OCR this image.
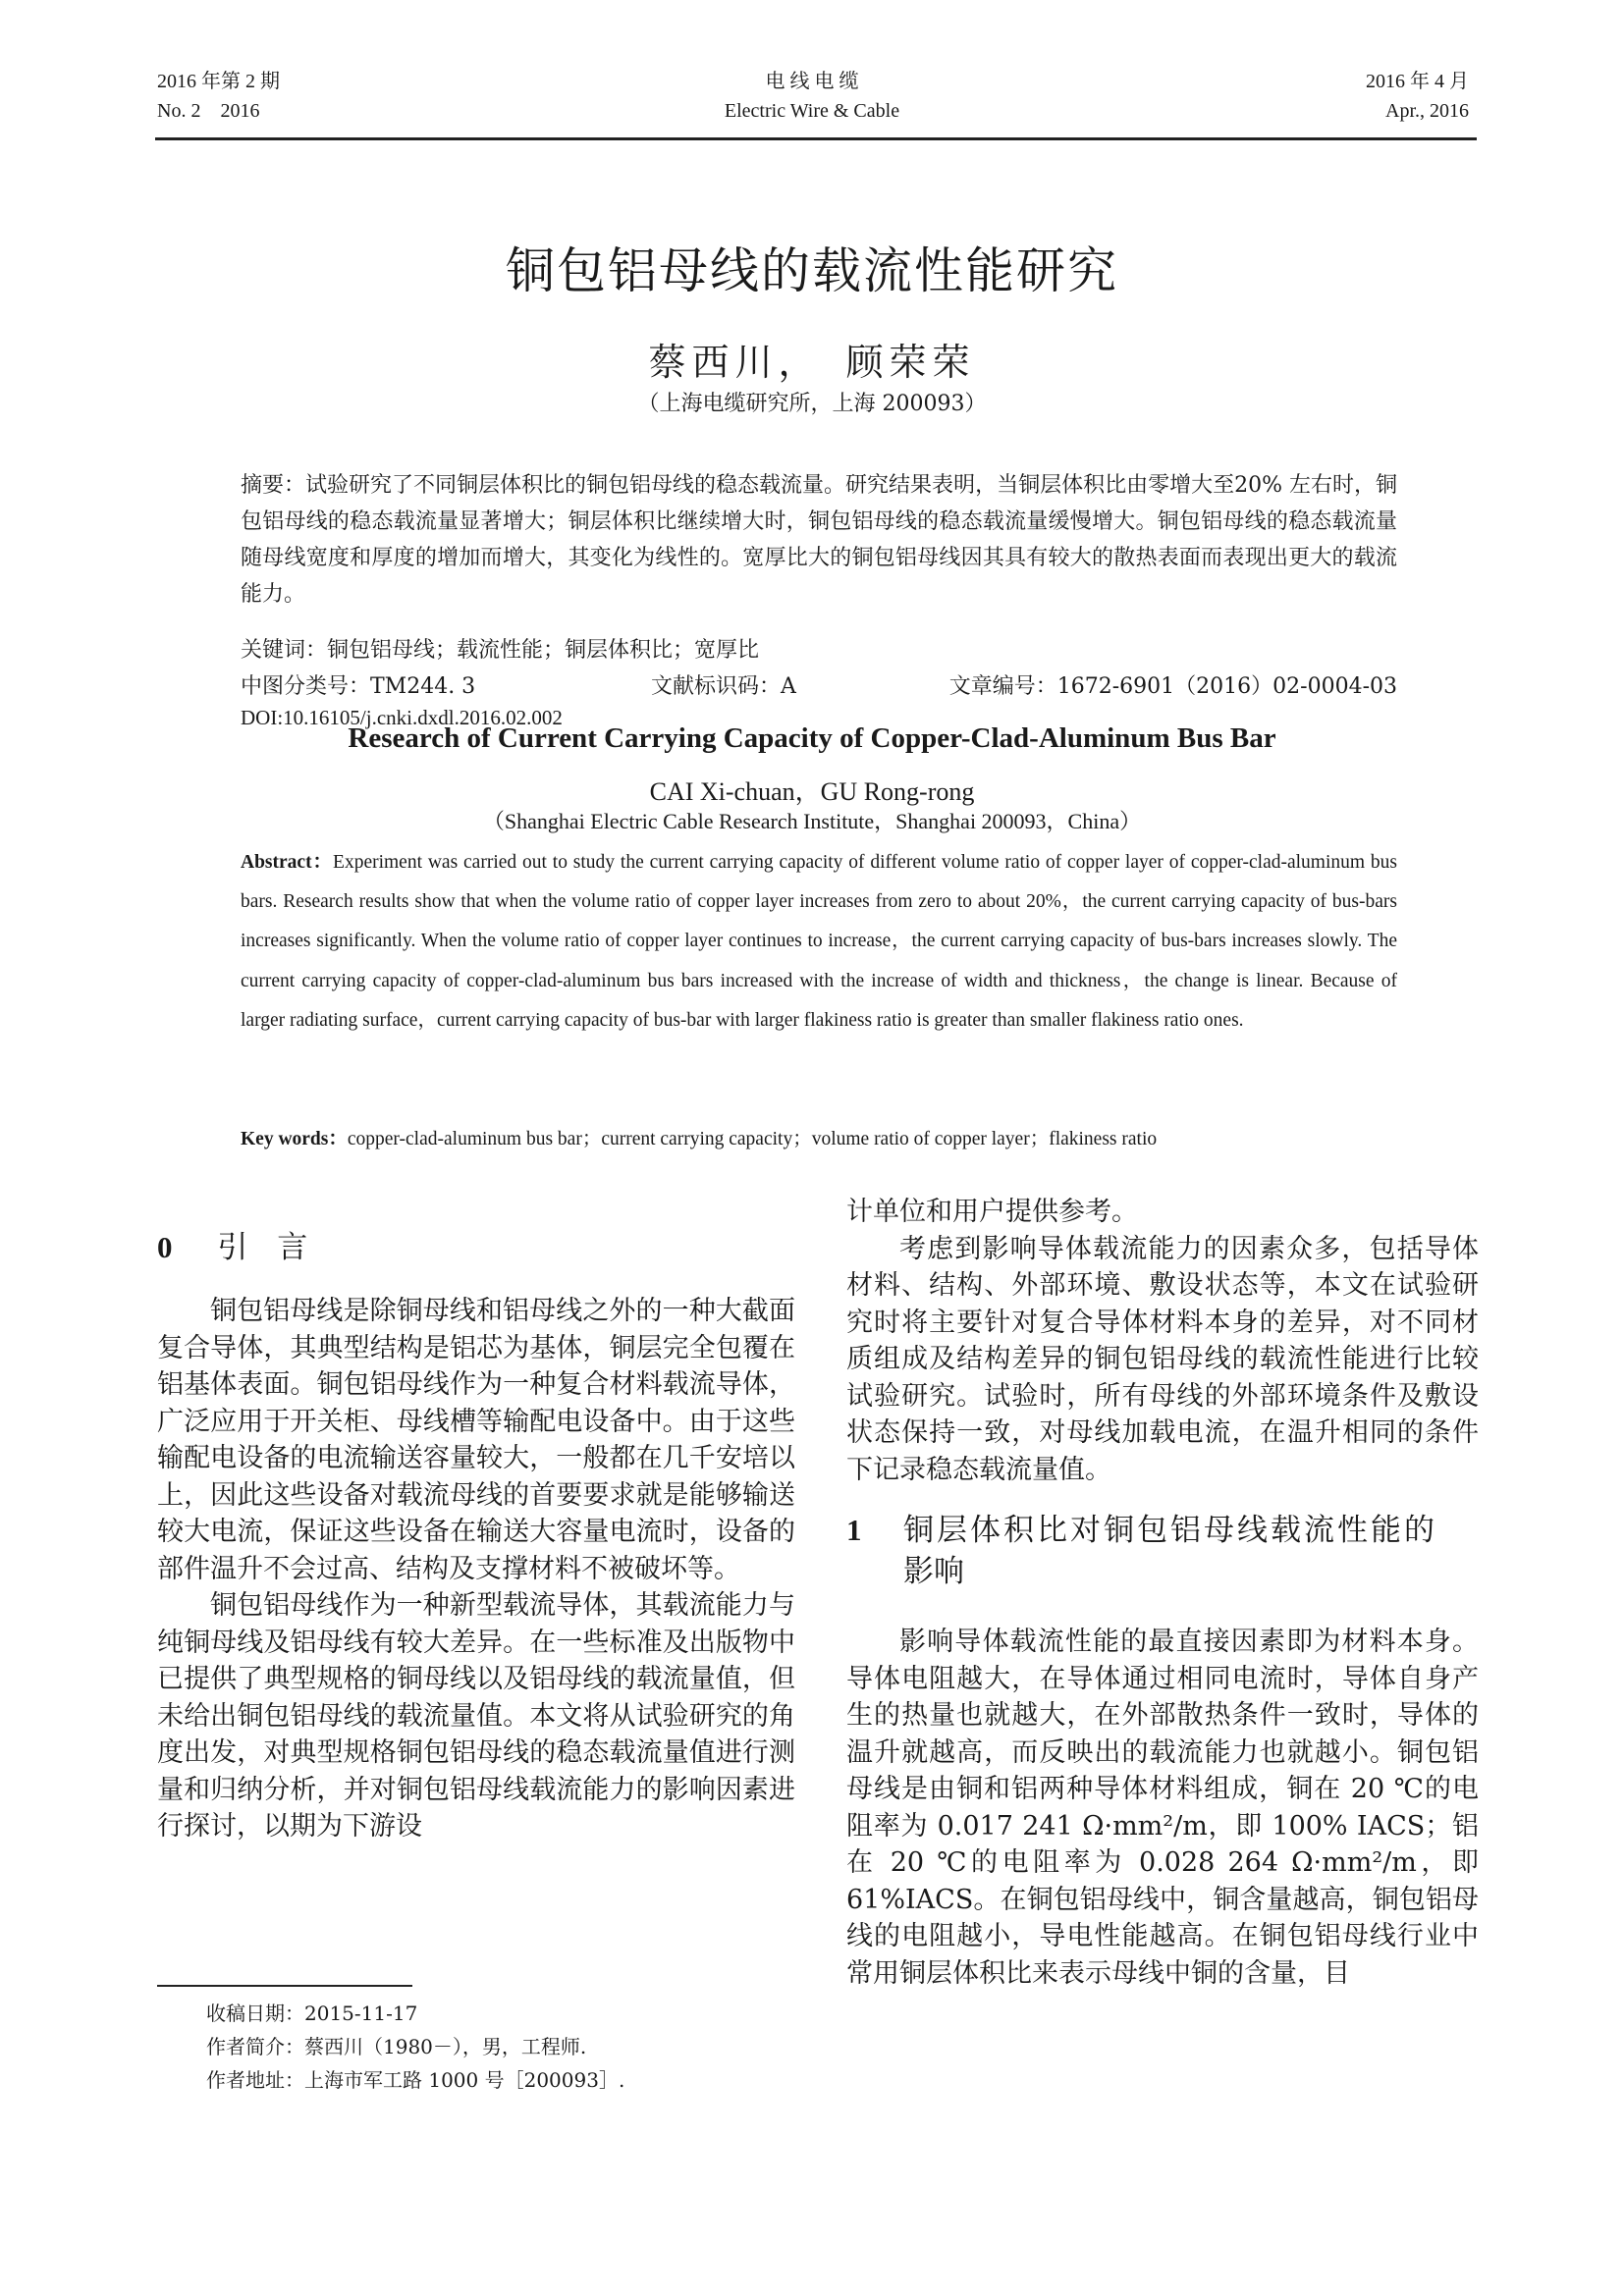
2016 年第 2 期
No. 2　2016
电 线 电 缆
Electric Wire & Cable
2016 年 4 月
Apr., 2016
铜包铝母线的载流性能研究
蔡西川，　顾荣荣
（上海电缆研究所，上海 200093）
摘要：试验研究了不同铜层体积比的铜包铝母线的稳态载流量。研究结果表明，当铜层体积比由零增大至20% 左右时，铜包铝母线的稳态载流量显著增大；铜层体积比继续增大时，铜包铝母线的稳态载流量缓慢增大。铜包铝母线的稳态载流量随母线宽度和厚度的增加而增大，其变化为线性的。宽厚比大的铜包铝母线因其具有较大的散热表面而表现出更大的载流能力。
关键词：铜包铝母线；载流性能；铜层体积比；宽厚比
中图分类号：TM244. 3	文献标识码：A	文章编号：1672-6901（2016）02-0004-03
DOI:10.16105/j.cnki.dxdl.2016.02.002
Research of Current Carrying Capacity of Copper-Clad-Aluminum Bus Bar
CAI Xi-chuan，GU Rong-rong
（Shanghai Electric Cable Research Institute，Shanghai 200093，China）
Abstract：Experiment was carried out to study the current carrying capacity of different volume ratio of copper layer of copper-clad-aluminum bus bars. Research results show that when the volume ratio of copper layer increases from zero to about 20%，the current carrying capacity of bus-bars increases significantly. When the volume ratio of copper layer continues to increase，the current carrying capacity of bus-bars increases slowly. The current carrying capacity of copper-clad-aluminum bus bars increased with the increase of width and thickness，the change is linear. Because of larger radiating surface，current carrying capacity of bus-bar with larger flakiness ratio is greater than smaller flakiness ratio ones.
Key words：copper-clad-aluminum bus bar；current carrying capacity；volume ratio of copper layer；flakiness ratio
0 引 言

铜包铝母线是除铜母线和铝母线之外的一种大截面复合导体，其典型结构是铝芯为基体，铜层完全包覆在铝基体表面。铜包铝母线作为一种复合材料载流导体，广泛应用于开关柜、母线槽等输配电设备中。由于这些输配电设备的电流输送容量较大，一般都在几千安培以上，因此这些设备对载流母线的首要要求就是能够输送较大电流，保证这些设备在输送大容量电流时，设备的部件温升不会过高、结构及支撑材料不被破坏等。

铜包铝母线作为一种新型载流导体，其载流能力与纯铜母线及铝母线有较大差异。在一些标准及出版物中已提供了典型规格的铜母线以及铝母线的载流量值，但未给出铜包铝母线的载流量值。本文将从试验研究的角度出发，对典型规格铜包铝母线的稳态载流量值进行测量和归纳分析，并对铜包铝母线载流能力的影响因素进行探讨，以期为下游设

收稿日期：2015-11-17
作者简介：蔡西川（1980－），男，工程师.
作者地址：上海市军工路 1000 号［200093］.

计单位和用户提供参考。

考虑到影响导体载流能力的因素众多，包括导体材料、结构、外部环境、敷设状态等，本文在试验研究时将主要针对复合导体材料本身的差异，对不同材质组成及结构差异的铜包铝母线的载流性能进行比较试验研究。试验时，所有母线的外部环境条件及敷设状态保持一致，对母线加载电流，在温升相同的条件下记录稳态载流量值。

1 铜层体积比对铜包铝母线载流性能的
影响

影响导体载流性能的最直接因素即为材料本身。导体电阻越大，在导体通过相同电流时，导体自身产生的热量也就越大，在外部散热条件一致时，导体的温升就越高，而反映出的载流能力也就越小。铜包铝母线是由铜和铝两种导体材料组成，铜在 20 ℃的电阻率为 0.017 241 Ω·mm²/m，即 100% IACS；铝在 20 ℃的电阻率为 0.028 264 Ω·mm²/m，即 61%IACS。在铜包铝母线中，铜含量越高，铜包铝母线的电阻越小，导电性能越高。在铜包铝母线行业中常用铜层体积比来表示母线中铜的含量，目
